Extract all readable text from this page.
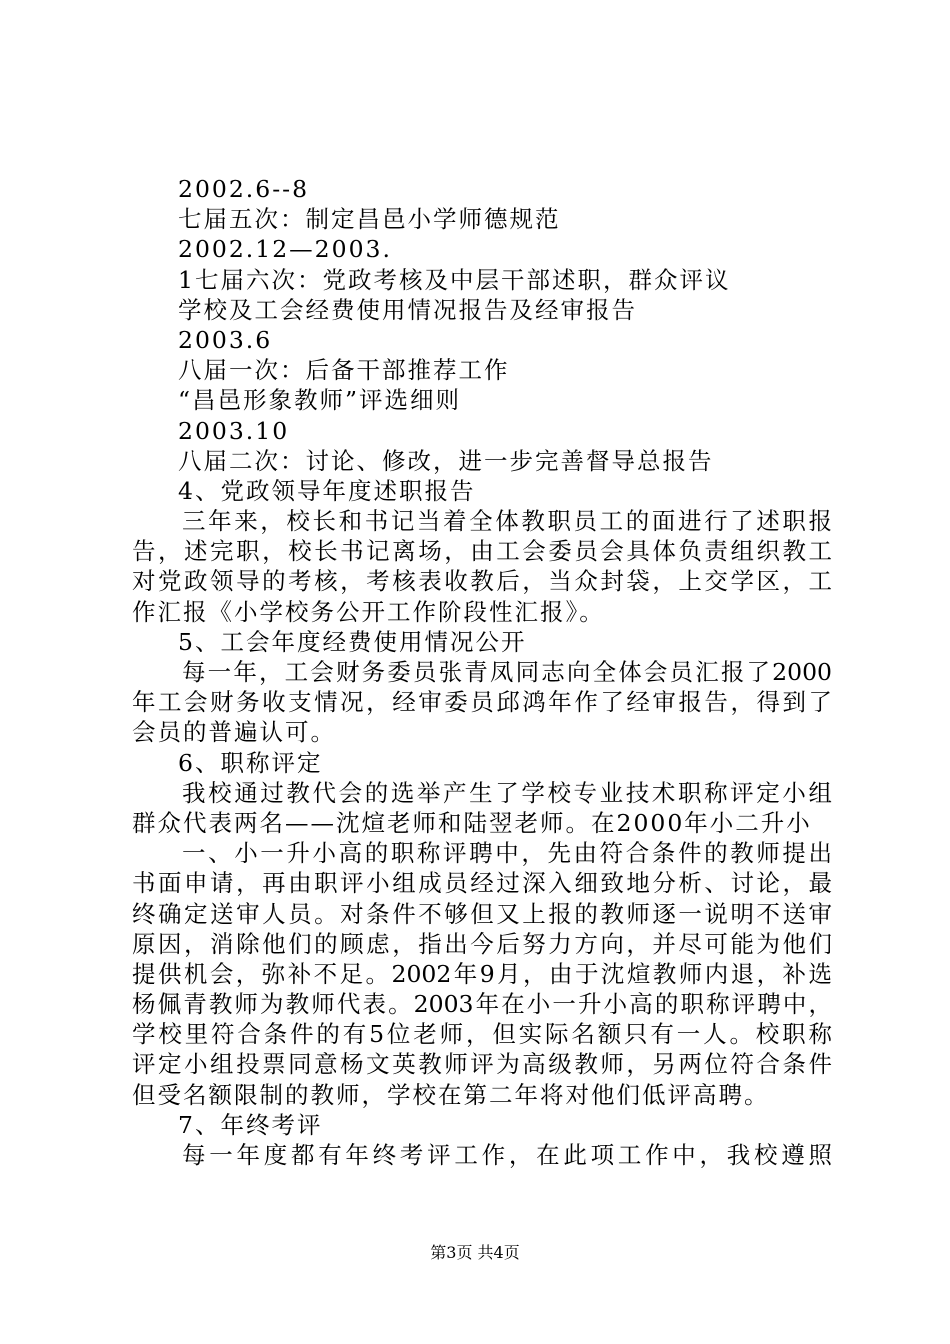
2002.6--8
七届五次：制定昌邑小学师德规范
2002.12—2003.
1七届六次：党政考核及中层干部述职，群众评议
学校及工会经费使用情况报告及经审报告
2003.6
八届一次：后备干部推荐工作
“昌邑形象教师”评选细则
2003.10
八届二次：讨论、修改，进一步完善督导总报告
4、党政领导年度述职报告
三年来，校长和书记当着全体教职员工的面进行了述职报
告，述完职，校长书记离场，由工会委员会具体负责组织教工
对党政领导的考核，考核表收教后，当众封袋，上交学区，工
作汇报《小学校务公开工作阶段性汇报》。
5、工会年度经费使用情况公开
每一年，工会财务委员张青凤同志向全体会员汇报了2000
年工会财务收支情况，经审委员邱鸿年作了经审报告，得到了
会员的普遍认可。
6、职称评定
我校通过教代会的选举产生了学校专业技术职称评定小组
群众代表两名——沈煊老师和陆翌老师。在2000年小二升小
一、小一升小高的职称评聘中，先由符合条件的教师提出
书面申请，再由职评小组成员经过深入细致地分析、讨论，最
终确定送审人员。对条件不够但又上报的教师逐一说明不送审
原因，消除他们的顾虑，指出今后努力方向，并尽可能为他们
提供机会，弥补不足。2002年9月，由于沈煊教师内退，补选
杨佩青教师为教师代表。2003年在小一升小高的职称评聘中，
学校里符合条件的有5位老师，但实际名额只有一人。校职称
评定小组投票同意杨文英教师评为高级教师，另两位符合条件
但受名额限制的教师，学校在第二年将对他们低评高聘。
7、年终考评
每一年度都有年终考评工作，在此项工作中，我校遵照
第3页 共4页
